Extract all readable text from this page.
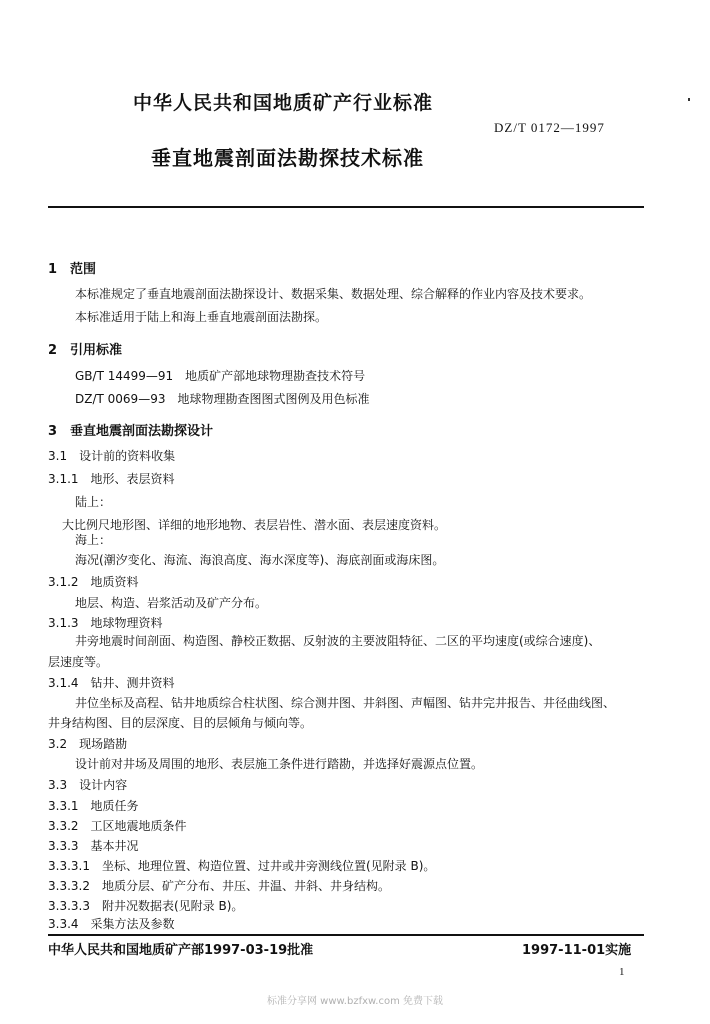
中华人民共和国地质矿产行业标准
DZ/T 0172—1997
垂直地震剖面法勘探技术标准
1　范围
本标准规定了垂直地震剖面法勘探设计、数据采集、数据处理、综合解释的作业内容及技术要求。
本标准适用于陆上和海上垂直地震剖面法勘探。
2　引用标准
GB/T 14499—91　地质矿产部地球物理勘查技术符号
DZ/T 0069—93　地球物理勘查图图式图例及用色标准
3　垂直地震剖面法勘探设计
3.1　设计前的资料收集
3.1.1　地形、表层资料
陆上：
大比例尺地形图、详细的地形地物、表层岩性、潜水面、表层速度资料。
海上：
海况(潮汐变化、海流、海浪高度、海水深度等)、海底剖面或海床图。
3.1.2　地质资料
地层、构造、岩浆活动及矿产分布。
3.1.3　地球物理资料
井旁地震时间剖面、构造图、静校正数据、反射波的主要波阻特征、二区的平均速度(或综合速度)、
层速度等。
3.1.4　钻井、测井资料
井位坐标及高程、钻井地质综合柱状图、综合测井图、井斜图、声幅图、钻井完井报告、井径曲线图、
井身结构图、目的层深度、目的层倾角与倾向等。
3.2　现场踏勘
设计前对井场及周围的地形、表层施工条件进行踏勘，并选择好震源点位置。
3.3　设计内容
3.3.1　地质任务
3.3.2　工区地震地质条件
3.3.3　基本井况
3.3.3.1　坐标、地理位置、构造位置、过井或井旁测线位置(见附录 B)。
3.3.3.2　地质分层、矿产分布、井压、井温、井斜、井身结构。
3.3.3.3　附井况数据表(见附录 B)。
3.3.4　采集方法及参数
中华人民共和国地质矿产部1997-03-19批准	1997-11-01实施
1
标准分享网 www.bzfxw.com 免费下载
